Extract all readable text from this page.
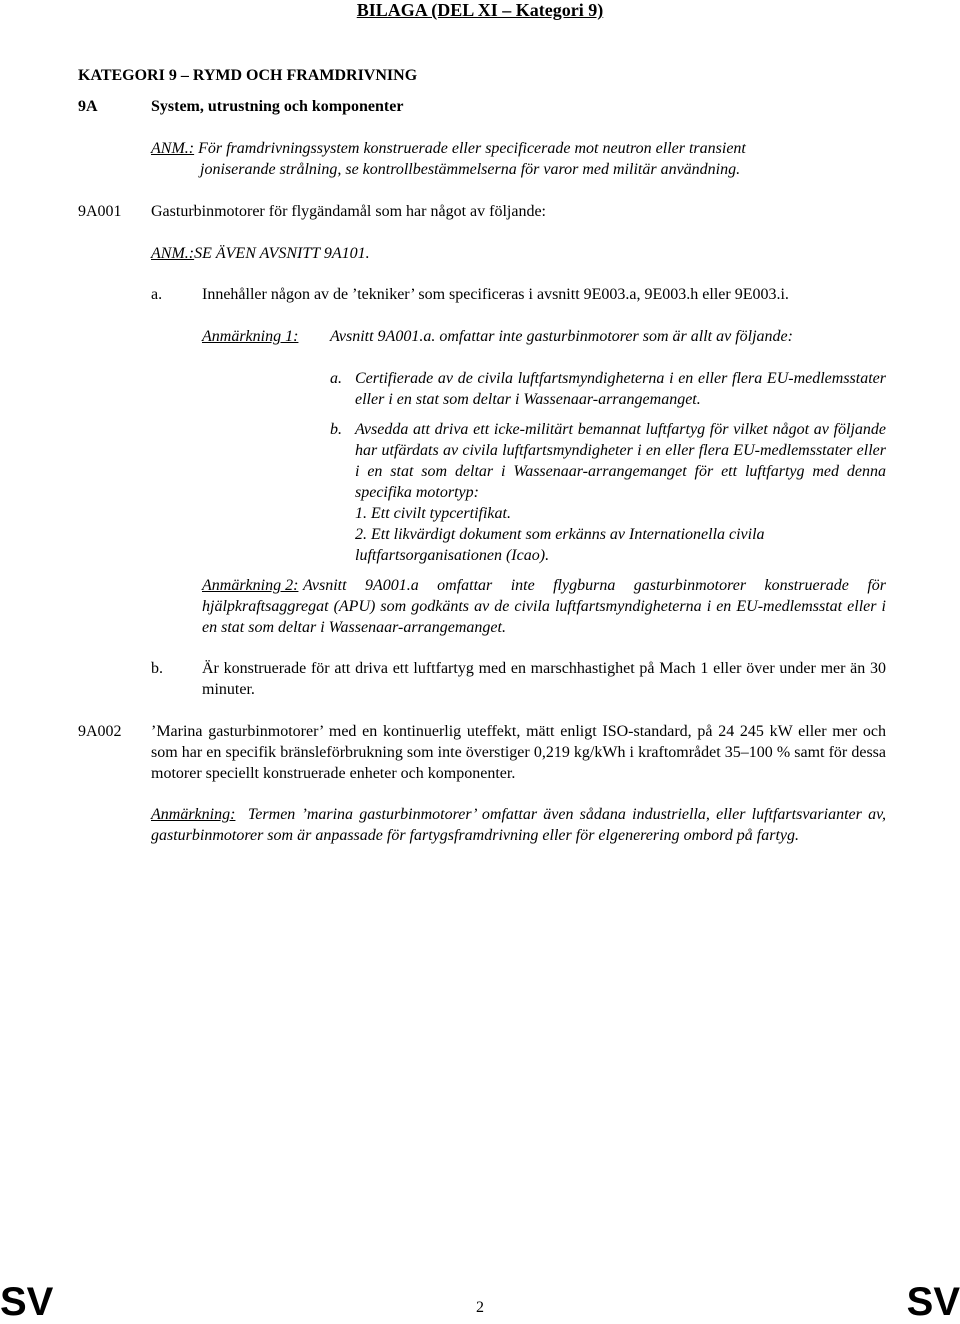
BILAGA (DEL XI – Kategori 9)
KATEGORI 9 – RYMD OCH FRAMDRIVNING
9A	System, utrustning och komponenter
ANM.: För framdrivningssystem konstruerade eller specificerade mot neutron eller transient
joniserande strålning, se kontrollbestämmelserna för varor med militär användning.
9A001 Gasturbinmotorer för flygändamål som har något av följande:
ANM.:SE ÄVEN AVSNITT 9A101.
a. Innehåller någon av de ’tekniker’ som specificeras i avsnitt 9E003.a, 9E003.h eller 9E003.i.
Anmärkning 1: Avsnitt 9A001.a. omfattar inte gasturbinmotorer som är allt av följande:
a. Certifierade av de civila luftfartsmyndigheterna i en eller flera EU-medlemsstater eller i en stat som deltar i Wassenaar-arrangemanget.
b. Avsedda att driva ett icke-militärt bemannat luftfartyg för vilket något av följande har utfärdats av civila luftfartsmyndigheter i en eller flera EU-medlemsstater eller i en stat som deltar i Wassenaar-arrangemanget för ett luftfartyg med denna specifika motortyp:
1. Ett civilt typcertifikat.
2. Ett likvärdigt dokument som erkänns av Internationella civila luftfartsorganisationen (Icao).
Anmärkning 2: Avsnitt 9A001.a omfattar inte flygburna gasturbinmotorer konstruerade för hjälpkraftsaggregat (APU) som godkänts av de civila luftfartsmyndigheterna i en EU-medlemsstat eller i en stat som deltar i Wassenaar-arrangemanget.
b. Är konstruerade för att driva ett luftfartyg med en marschhastighet på Mach 1 eller över under mer än 30 minuter.
9A002 ’Marina gasturbinmotorer’ med en kontinuerlig uteffekt, mätt enligt ISO-standard, på 24 245 kW eller mer och som har en specifik bränsleförbrukning som inte överstiger 0,219 kg/kWh i kraftområdet 35–100 % samt för dessa motorer speciellt konstruerade enheter och komponenter.
Anmärkning: Termen ’marina gasturbinmotorer’ omfattar även sådana industriella, eller luftfartsvarianter av, gasturbinmotorer som är anpassade för fartygsframdrivning eller för elgenerering ombord på fartyg.
SV	2	SV
